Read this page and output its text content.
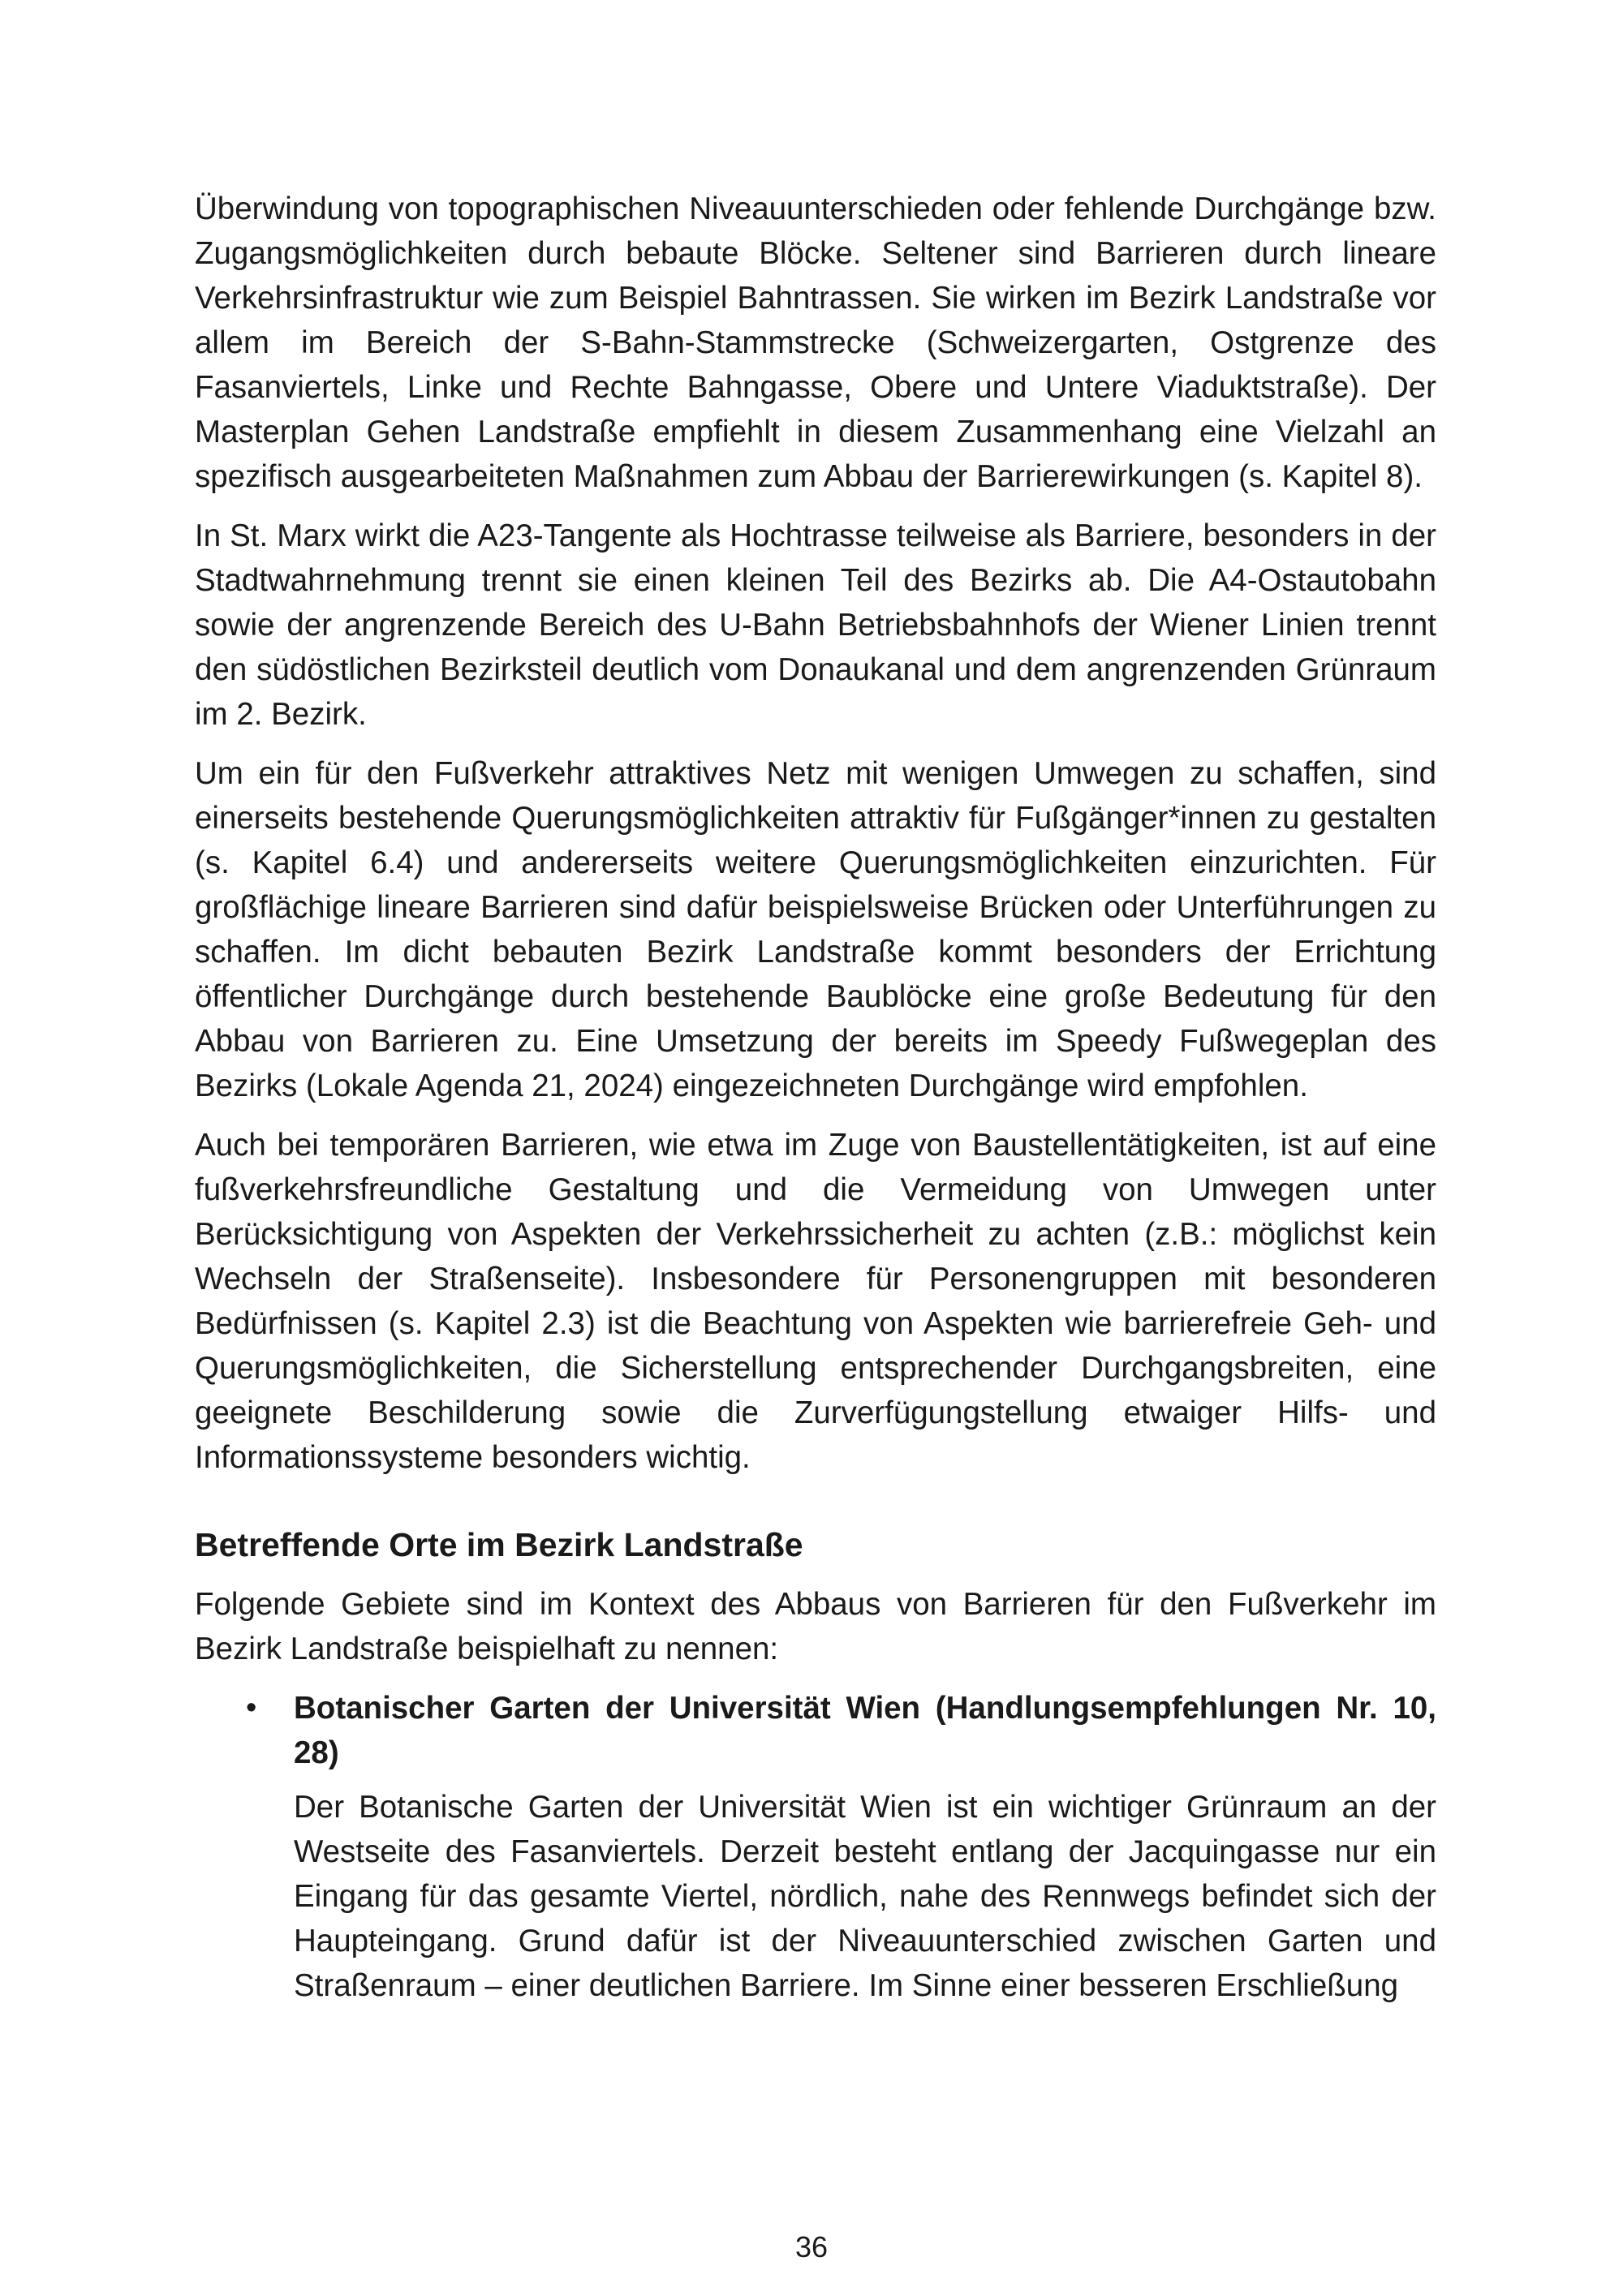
Überwindung von topographischen Niveauunterschieden oder fehlende Durchgänge bzw. Zugangsmöglichkeiten durch bebaute Blöcke. Seltener sind Barrieren durch lineare Verkehrsinfrastruktur wie zum Beispiel Bahntrassen. Sie wirken im Bezirk Landstraße vor allem im Bereich der S-Bahn-Stammstrecke (Schweizergarten, Ostgrenze des Fasanviertels, Linke und Rechte Bahngasse, Obere und Untere Viaduktstraße). Der Masterplan Gehen Landstraße empfiehlt in diesem Zusammenhang eine Vielzahl an spezifisch ausgearbeiteten Maßnahmen zum Abbau der Barrierewirkungen (s. Kapitel 8).

In St. Marx wirkt die A23-Tangente als Hochtrasse teilweise als Barriere, besonders in der Stadtwahrnehmung trennt sie einen kleinen Teil des Bezirks ab. Die A4-Ostautobahn sowie der angrenzende Bereich des U-Bahn Betriebsbahnhofs der Wiener Linien trennt den südöstlichen Bezirksteil deutlich vom Donaukanal und dem angrenzenden Grünraum im 2. Bezirk.

Um ein für den Fußverkehr attraktives Netz mit wenigen Umwegen zu schaffen, sind einerseits bestehende Querungsmöglichkeiten attraktiv für Fußgänger*innen zu gestalten (s. Kapitel 6.4) und andererseits weitere Querungsmöglichkeiten einzurichten. Für großflächige lineare Barrieren sind dafür beispielsweise Brücken oder Unterführungen zu schaffen. Im dicht bebauten Bezirk Landstraße kommt besonders der Errichtung öffentlicher Durchgänge durch bestehende Baublöcke eine große Bedeutung für den Abbau von Barrieren zu. Eine Umsetzung der bereits im Speedy Fußwegeplan des Bezirks (Lokale Agenda 21, 2024) eingezeichneten Durchgänge wird empfohlen.

Auch bei temporären Barrieren, wie etwa im Zuge von Baustellentätigkeiten, ist auf eine fußverkehrsfreundliche Gestaltung und die Vermeidung von Umwegen unter Berücksichtigung von Aspekten der Verkehrssicherheit zu achten (z.B.: möglichst kein Wechseln der Straßenseite). Insbesondere für Personengruppen mit besonderen Bedürfnissen (s. Kapitel 2.3) ist die Beachtung von Aspekten wie barrierefreie Geh- und Querungsmöglichkeiten, die Sicherstellung entsprechender Durchgangsbreiten, eine geeignete Beschilderung sowie die Zurverfügungstellung etwaiger Hilfs- und Informationssysteme besonders wichtig.

Betreffende Orte im Bezirk Landstraße

Folgende Gebiete sind im Kontext des Abbaus von Barrieren für den Fußverkehr im Bezirk Landstraße beispielhaft zu nennen:

• Botanischer Garten der Universität Wien (Handlungsempfehlungen Nr. 10, 28)

Der Botanische Garten der Universität Wien ist ein wichtiger Grünraum an der Westseite des Fasanviertels. Derzeit besteht entlang der Jacquingasse nur ein Eingang für das gesamte Viertel, nördlich, nahe des Rennwegs befindet sich der Haupteingang. Grund dafür ist der Niveauunterschied zwischen Garten und Straßenraum – einer deutlichen Barriere. Im Sinne einer besseren Erschließung

36
